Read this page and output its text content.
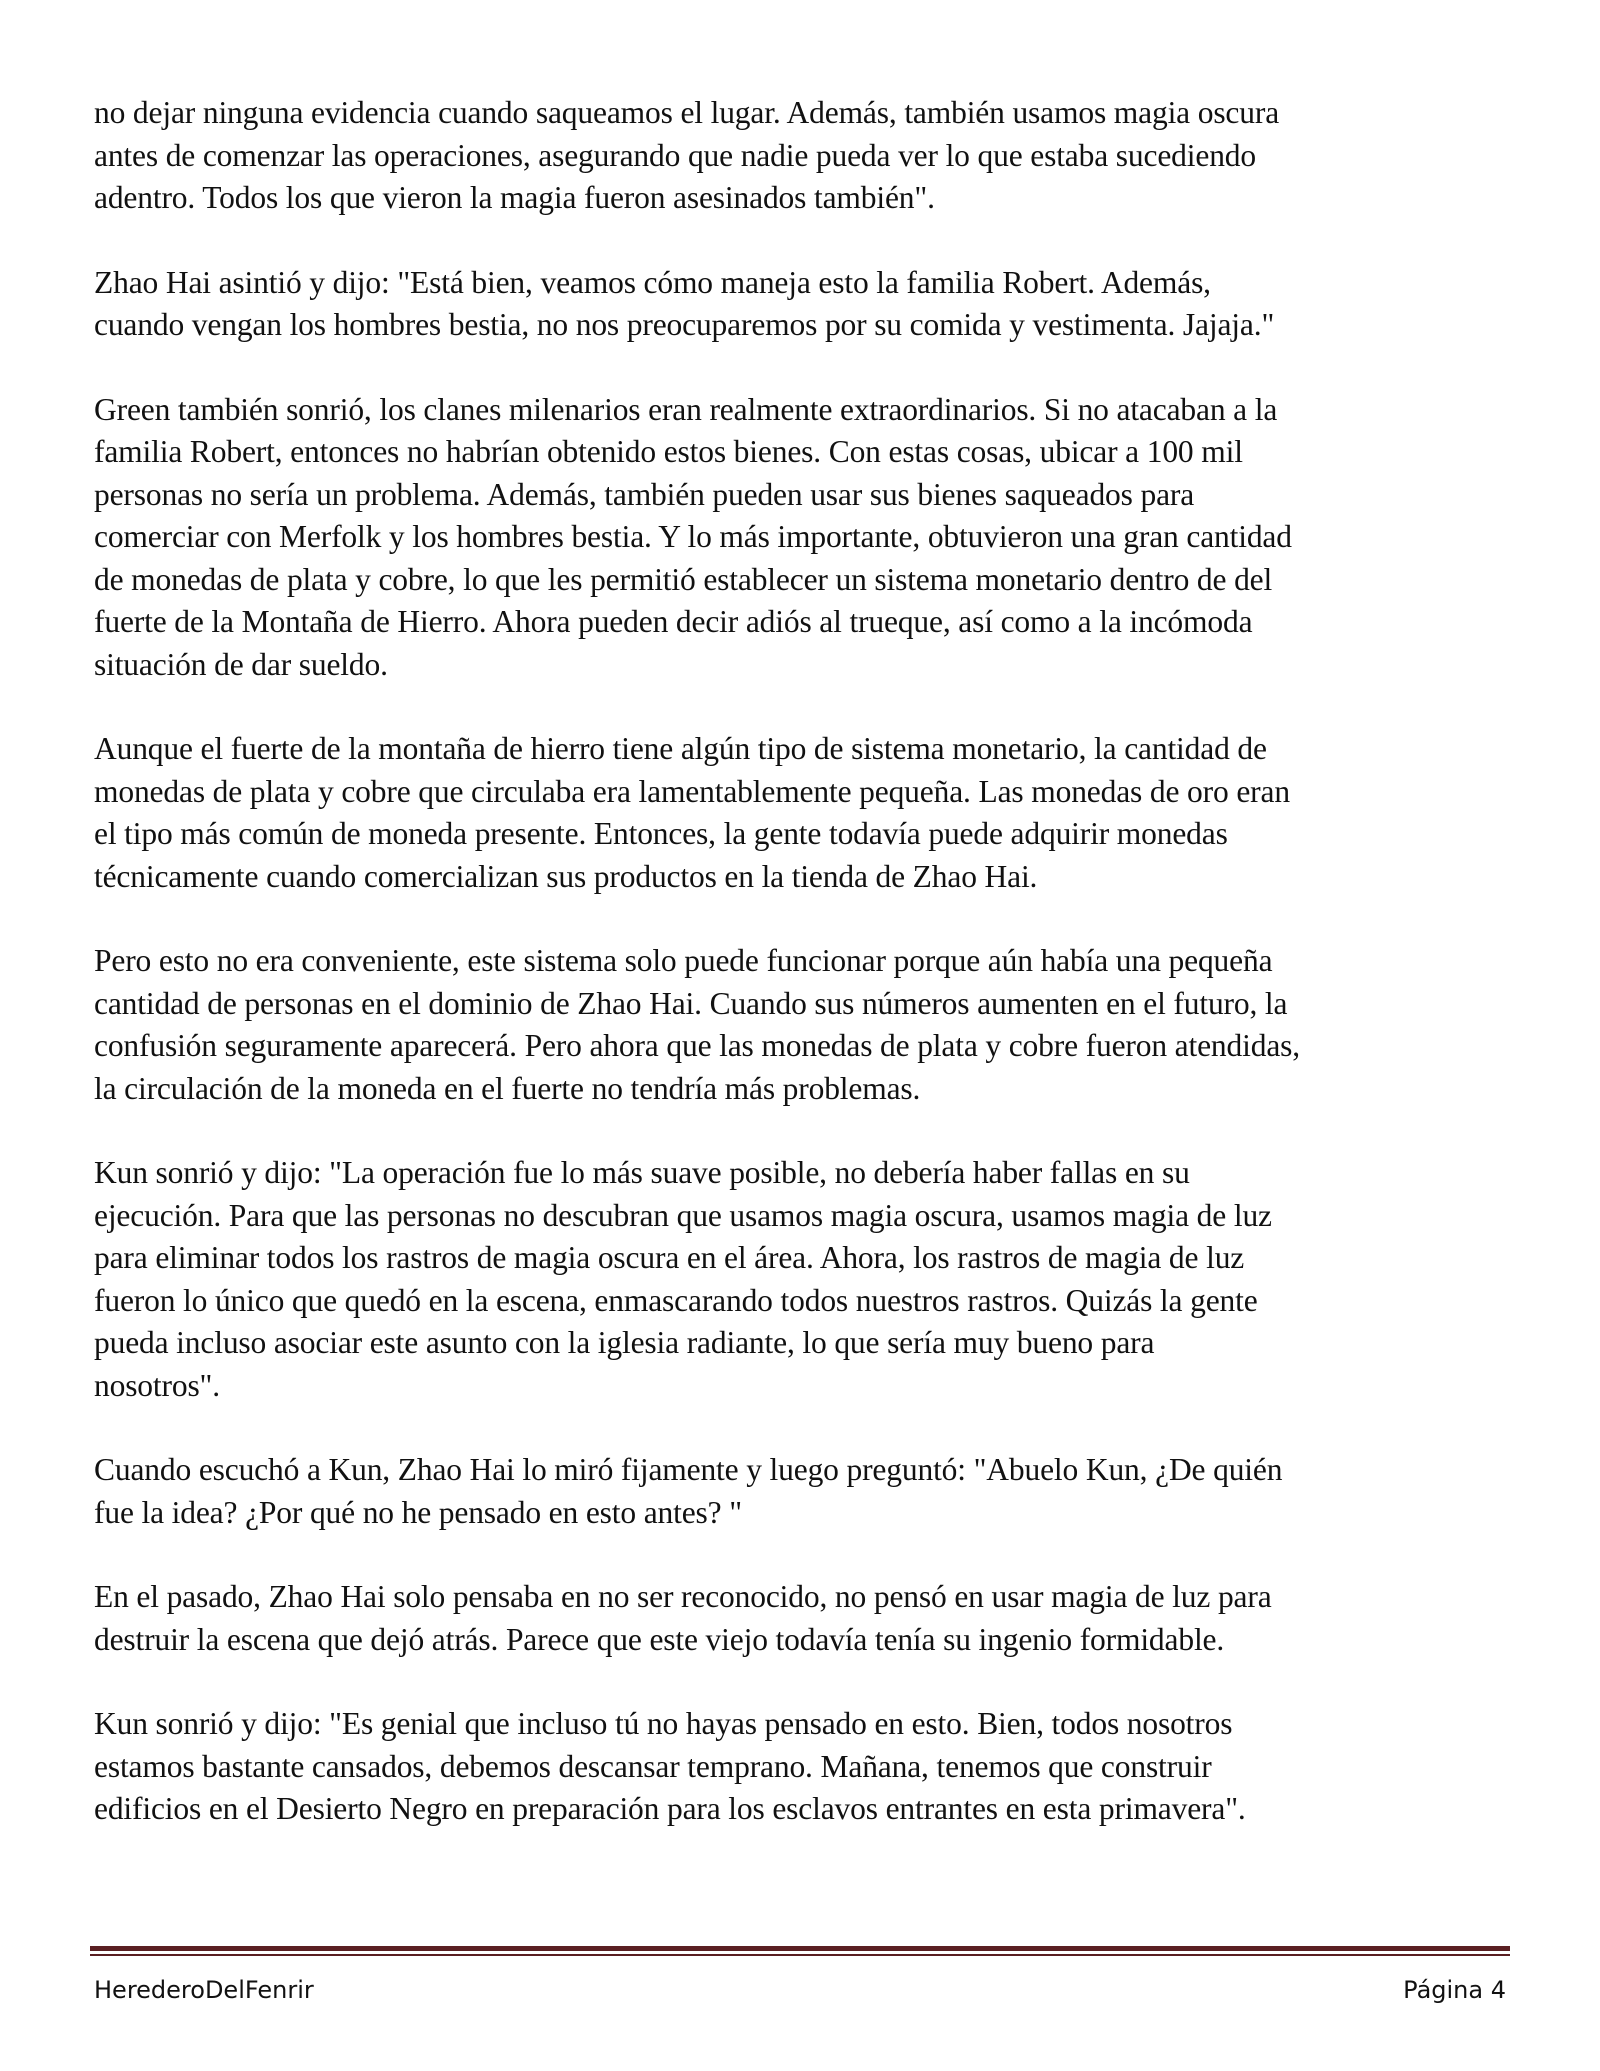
no dejar ninguna evidencia cuando saqueamos el lugar. Además, también usamos magia oscura
antes de comenzar las operaciones, asegurando que nadie pueda ver lo que estaba sucediendo
adentro. Todos los que vieron la magia fueron asesinados también".

Zhao Hai asintió y dijo: "Está bien, veamos cómo maneja esto la familia Robert. Además,
cuando vengan los hombres bestia, no nos preocuparemos por su comida y vestimenta. Jajaja."

Green también sonrió, los clanes milenarios eran realmente extraordinarios. Si no atacaban a la
familia Robert, entonces no habrían obtenido estos bienes. Con estas cosas, ubicar a 100 mil
personas no sería un problema. Además, también pueden usar sus bienes saqueados para
comerciar con Merfolk y los hombres bestia. Y lo más importante, obtuvieron una gran cantidad
de monedas de plata y cobre, lo que les permitió establecer un sistema monetario dentro de del
fuerte de la Montaña de Hierro. Ahora pueden decir adiós al trueque, así como a la incómoda
situación de dar sueldo.

Aunque el fuerte de la montaña de hierro tiene algún tipo de sistema monetario, la cantidad de
monedas de plata y cobre que circulaba era lamentablemente pequeña. Las monedas de oro eran
el tipo más común de moneda presente. Entonces, la gente todavía puede adquirir monedas
técnicamente cuando comercializan sus productos en la tienda de Zhao Hai.

Pero esto no era conveniente, este sistema solo puede funcionar porque aún había una pequeña
cantidad de personas en el dominio de Zhao Hai. Cuando sus números aumenten en el futuro, la
confusión seguramente aparecerá. Pero ahora que las monedas de plata y cobre fueron atendidas,
la circulación de la moneda en el fuerte no tendría más problemas.

Kun sonrió y dijo: "La operación fue lo más suave posible, no debería haber fallas en su
ejecución. Para que las personas no descubran que usamos magia oscura, usamos magia de luz
para eliminar todos los rastros de magia oscura en el área. Ahora, los rastros de magia de luz
fueron lo único que quedó en la escena, enmascarando todos nuestros rastros. Quizás la gente
pueda incluso asociar este asunto con la iglesia radiante, lo que sería muy bueno para
nosotros".

Cuando escuchó a Kun, Zhao Hai lo miró fijamente y luego preguntó: "Abuelo Kun, ¿De quién
fue la idea? ¿Por qué no he pensado en esto antes? "

En el pasado, Zhao Hai solo pensaba en no ser reconocido, no pensó en usar magia de luz para
destruir la escena que dejó atrás. Parece que este viejo todavía tenía su ingenio formidable.

Kun sonrió y dijo: "Es genial que incluso tú no hayas pensado en esto. Bien, todos nosotros
estamos bastante cansados, debemos descansar temprano. Mañana, tenemos que construir
edificios en el Desierto Negro en preparación para los esclavos entrantes en esta primavera".

HerederoDelFenrir	Página 4
